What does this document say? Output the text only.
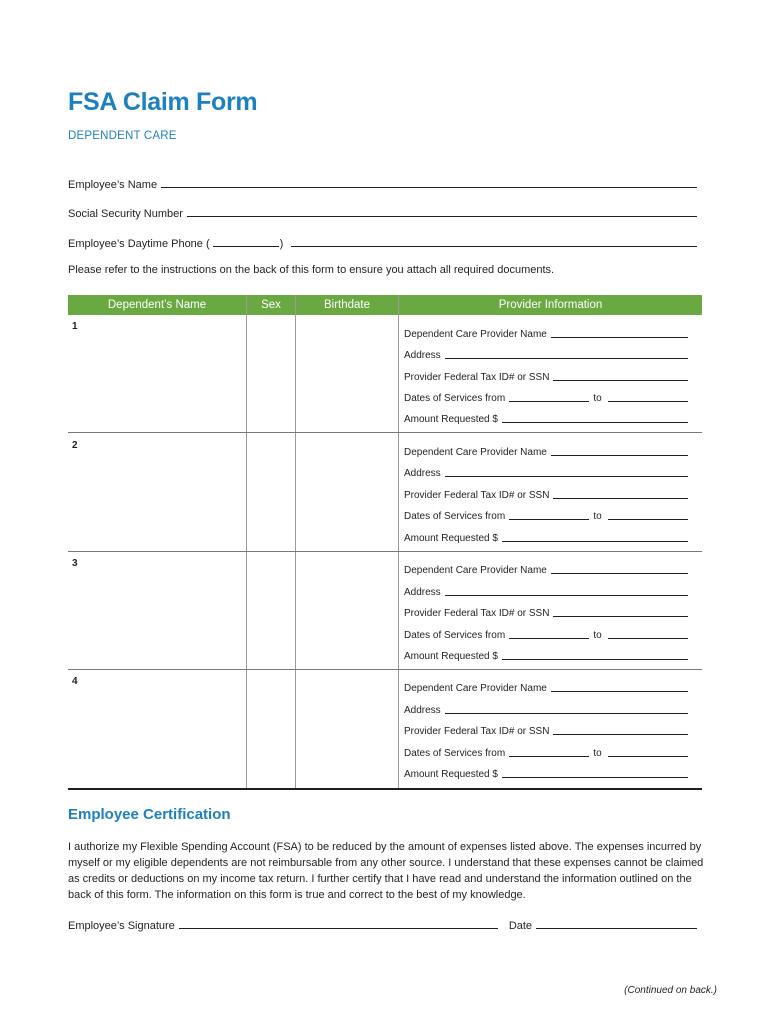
FSA Claim Form
DEPENDENT CARE
Employee’s Name
Social Security Number
Employee’s Daytime Phone (	)
Please refer to the instructions on the back of this form to ensure you attach all required documents.
Dependent’s Name	Sex	Birthdate	Provider Information
1
Dependent Care Provider Name
Address
Provider Federal Tax ID# or SSN
Dates of Services from	to
Amount Requested $
2
Dependent Care Provider Name
Address
Provider Federal Tax ID# or SSN
Dates of Services from	to
Amount Requested $
3
Dependent Care Provider Name
Address
Provider Federal Tax ID# or SSN
Dates of Services from	to
Amount Requested $
4
Dependent Care Provider Name
Address
Provider Federal Tax ID# or SSN
Dates of Services from	to
Amount Requested $
Employee Certification

I authorize my Flexible Spending Account (FSA) to be reduced by the amount of expenses listed above. The expenses incurred by myself or my eligible dependents are not reimbursable from any other source. I understand that these expenses cannot be claimed as credits or deductions on my income tax return. I further certify that I have read and understand the information outlined on the back of this form. The information on this form is true and correct to the best of my knowledge.

Employee’s Signature	Date
(Continued on back.)
